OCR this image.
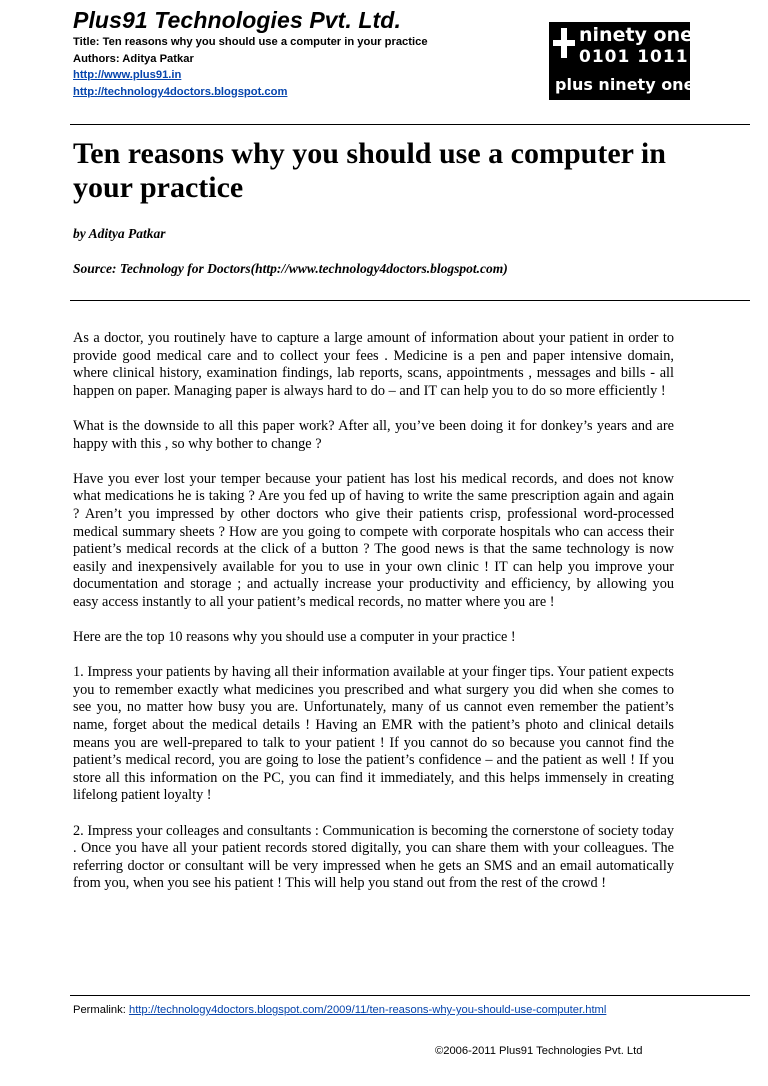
Plus91 Technologies Pvt. Ltd.
Title: Ten reasons why you should use a computer in your practice
Authors: Aditya Patkar
http://www.plus91.in
http://technology4doctors.blogspot.com
ninety one
0101 1011
plus ninety one
Ten reasons why you should use a computer in your practice
by Aditya Patkar
Source: Technology for Doctors(http://www.technology4doctors.blogspot.com)

As a doctor, you routinely have to capture a large amount of information about your patient in order to provide good medical care and to collect your fees . Medicine is a pen and paper intensive domain, where clinical history, examination findings, lab reports, scans, appointments , messages and bills - all happen on paper. Managing paper is always hard to do – and IT can help you to do so more efficiently !

What is the downside to all this paper work? After all, you’ve been doing it for donkey’s years and are happy with this , so why bother to change ?

Have you ever lost your temper because your patient has lost his medical records, and does not know what medications he is taking ? Are you fed up of having to write the same prescription again and again ? Aren’t you impressed by other doctors who give their patients crisp, professional word-processed medical summary sheets ? How are you going to compete with corporate hospitals who can access their patient’s medical records at the click of a button ? The good news is that the same technology is now easily and inexpensively available for you to use in your own clinic ! IT can help you improve your documentation and storage ; and actually increase your productivity and efficiency, by allowing you easy access instantly to all your patient’s medical records, no matter where you are !

Here are the top 10 reasons why you should use a computer in your practice !

1. Impress your patients by having all their information available at your finger tips. Your patient expects you to remember exactly what medicines you prescribed and what surgery you did when she comes to see you, no matter how busy you are. Unfortunately, many of us cannot even remember the patient’s name, forget about the medical details ! Having an EMR with the patient’s photo and clinical details means you are well-prepared to talk to your patient ! If you cannot do so because you cannot find the patient’s medical record, you are going to lose the patient’s confidence – and the patient as well ! If you store all this information on the PC, you can find it immediately, and this helps immensely in creating lifelong patient loyalty !

2. Impress your colleages and consultants : Communication is becoming the cornerstone of society today . Once you have all your patient records stored digitally, you can share them with your colleagues. The referring doctor or consultant will be very impressed when he gets an SMS and an email automatically from you, when you see his patient ! This will help you stand out from the rest of the crowd !

Permalink: http://technology4doctors.blogspot.com/2009/11/ten-reasons-why-you-should-use-computer.html
©2006-2011 Plus91 Technologies Pvt. Ltd
